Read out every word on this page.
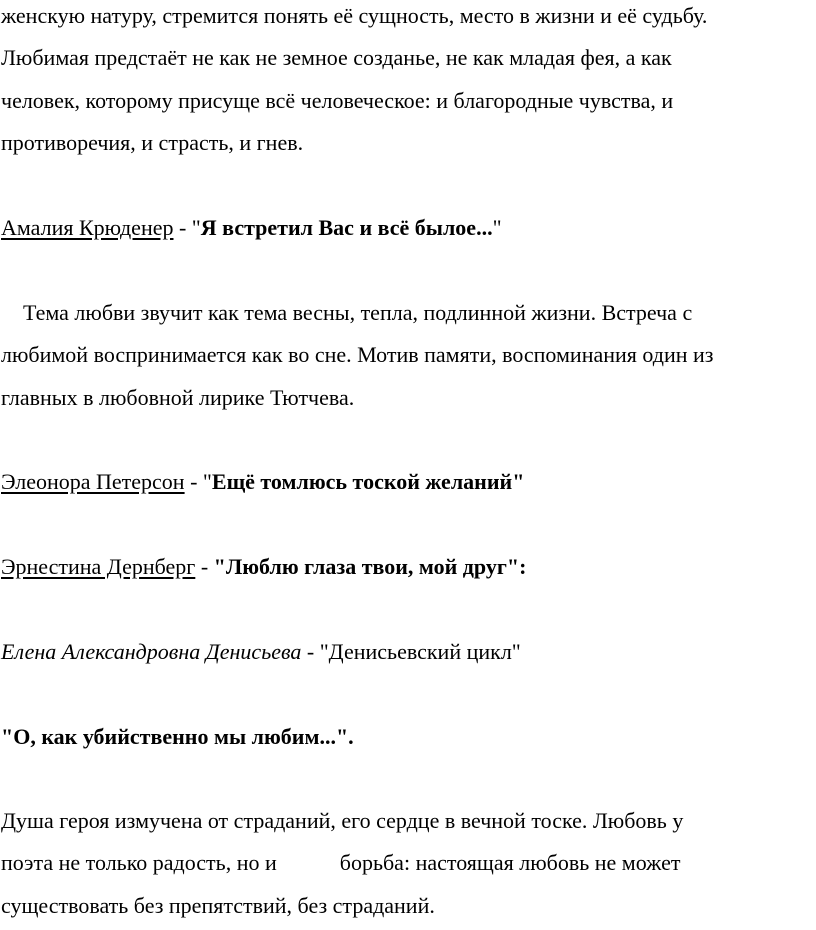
женскую натуру, стремится понять её сущность, место в жизни и её судьбу.
Любимая предстаёт не как не земное созданье, не как младая фея, а как
человек, которому присуще всё человеческое: и благородные чувства, и
противоречия, и страсть, и гнев.
Амалия Крюденер - "Я встретил Вас и всё былое..."
Тема любви звучит как тема весны, тепла, подлинной жизни. Встреча с
любимой воспринимается как во сне. Мотив памяти, воспоминания один из
главных в любовной лирике Тютчева.
Элеонора Петерсон - "Ещё томлюсь тоской желаний"
Эрнестина Дернберг - "Люблю глаза твои, мой друг":
Елена Александровна Денисьева - "Денисьевский цикл"
"О, как убийственно мы любим...".
Душа героя измучена от страданий, его сердце в вечной тоске. Любовь у
поэта не только радость, но и	борьба: настоящая любовь не может
существовать без препятствий, без страданий.
